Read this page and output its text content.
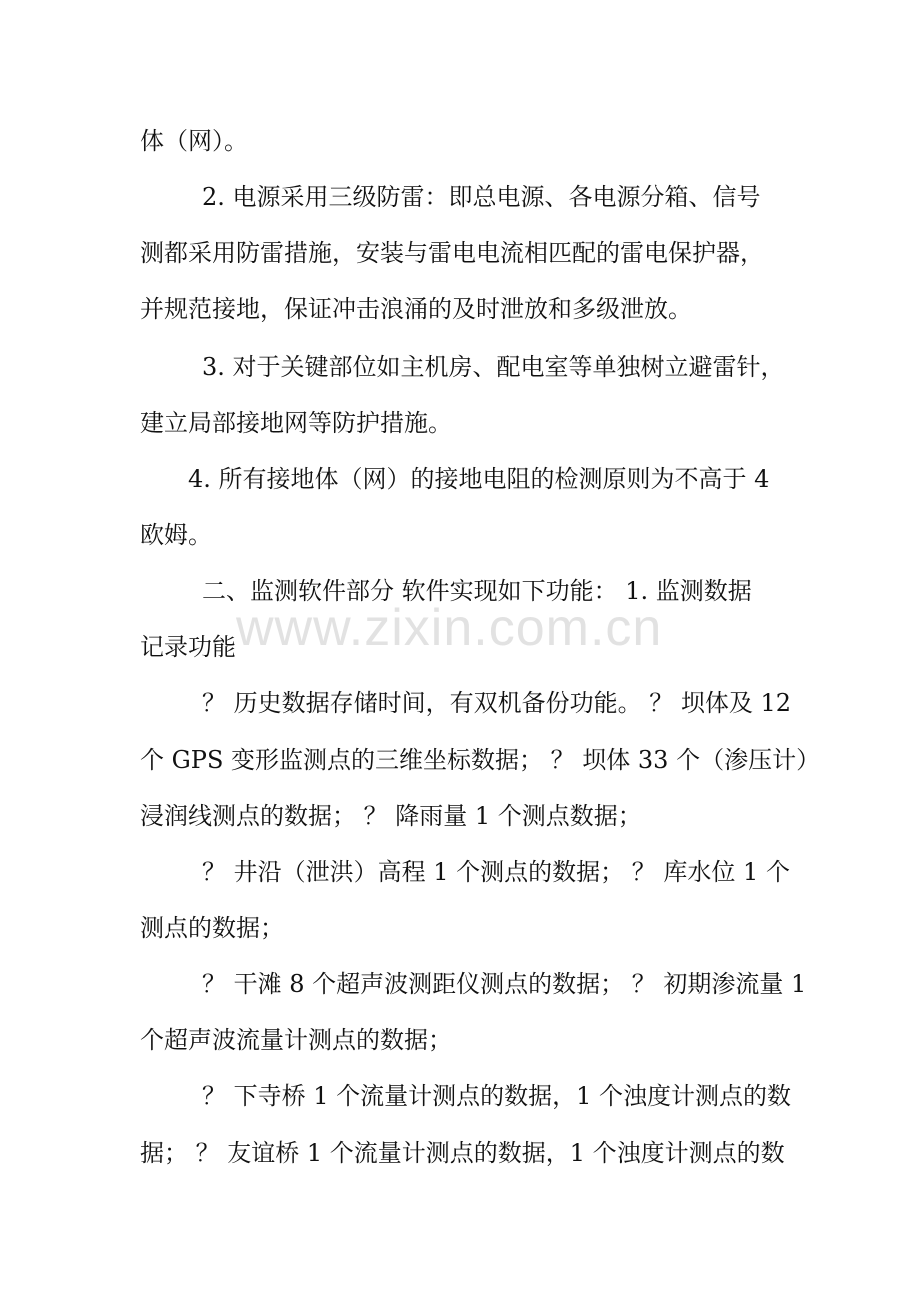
体（网）。
2. 电源采用三级防雷：即总电源、各电源分箱、信号
测都采用防雷措施，安装与雷电电流相匹配的雷电保护器，
并规范接地，保证冲击浪涌的及时泄放和多级泄放。
3. 对于关键部位如主机房、配电室等单独树立避雷针，
建立局部接地网等防护措施。
4. 所有接地体（网）的接地电阻的检测原则为不高于 4
欧姆。
二、监测软件部分 软件实现如下功能： 1. 监测数据
记录功能
？ 历史数据存储时间，有双机备份功能。 ？ 坝体及 12
个 GPS 变形监测点的三维坐标数据； ？ 坝体 33 个（渗压计）
浸润线测点的数据； ？ 降雨量 1 个测点数据；
？ 井沿（泄洪）高程 1 个测点的数据； ？ 库水位 1 个
测点的数据；
？ 干滩 8 个超声波测距仪测点的数据； ？ 初期渗流量 1
个超声波流量计测点的数据；
？ 下寺桥 1 个流量计测点的数据，1 个浊度计测点的数
据； ？ 友谊桥 1 个流量计测点的数据，1 个浊度计测点的数
www.zixin.com.cn
